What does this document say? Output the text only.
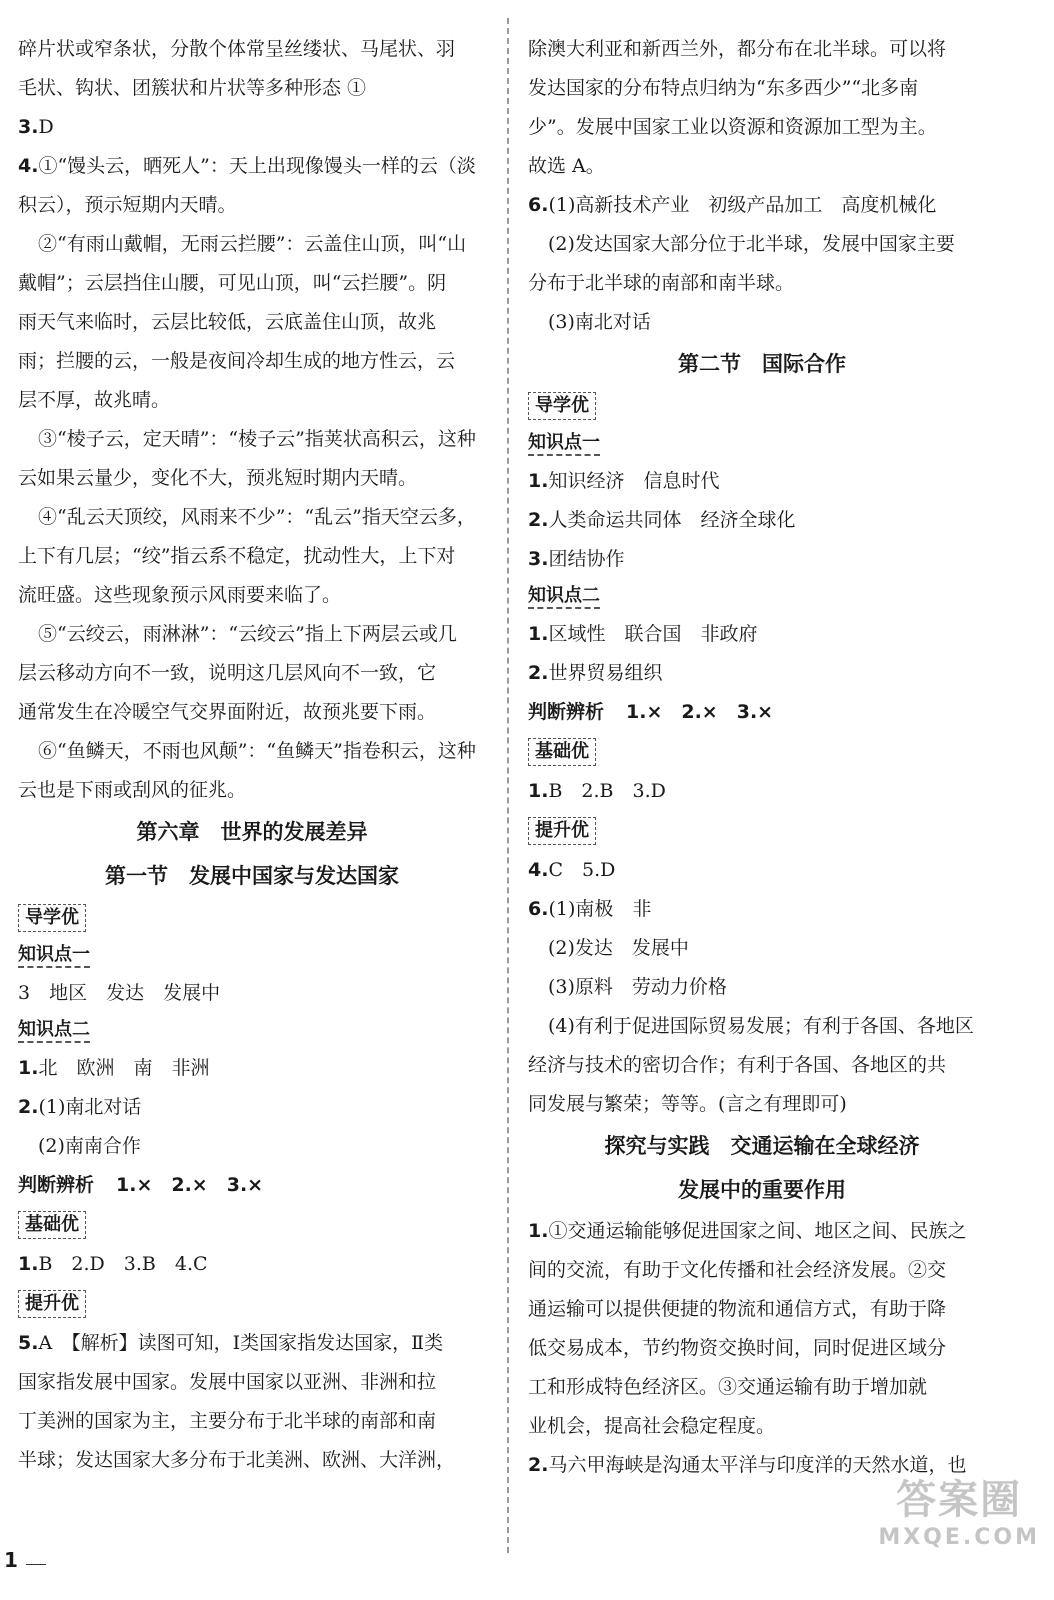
碎片状或窄条状，分散个体常呈丝缕状、马尾状、羽
毛状、钩状、团簇状和片状等多种形态 ①
3.D
4.①“馒头云，晒死人”：天上出现像馒头一样的云（淡
积云），预示短期内天晴。
②“有雨山戴帽，无雨云拦腰”：云盖住山顶，叫“山
戴帽”；云层挡住山腰，可见山顶，叫“云拦腰”。阴
雨天气来临时，云层比较低，云底盖住山顶，故兆
雨；拦腰的云，一般是夜间冷却生成的地方性云，云
层不厚，故兆晴。
③“棱子云，定天晴”：“棱子云”指荚状高积云，这种
云如果云量少，变化不大，预兆短时期内天晴。
④“乱云天顶绞，风雨来不少”：“乱云”指天空云多，
上下有几层；“绞”指云系不稳定，扰动性大，上下对
流旺盛。这些现象预示风雨要来临了。
⑤“云绞云，雨淋淋”：“云绞云”指上下两层云或几
层云移动方向不一致，说明这几层风向不一致，它
通常发生在冷暖空气交界面附近，故预兆要下雨。
⑥“鱼鳞天，不雨也风颠”：“鱼鳞天”指卷积云，这种
云也是下雨或刮风的征兆。
第六章　世界的发展差异
第一节　发展中国家与发达国家
导学优
知识点一
3　地区　发达　发展中
知识点二
1.北　欧洲　南　非洲
2.(1)南北对话
(2)南南合作
判断辨析 1.×　2.×　3.×
基础优
1.B　2.D　3.B　4.C
提升优
5.A　【解析】读图可知，Ⅰ类国家指发达国家，Ⅱ类
国家指发展中国家。发展中国家以亚洲、非洲和拉
丁美洲的国家为主，主要分布于北半球的南部和南
半球；发达国家大多分布于北美洲、欧洲、大洋洲，
除澳大利亚和新西兰外，都分布在北半球。可以将
发达国家的分布特点归纳为“东多西少”“北多南
少”。发展中国家工业以资源和资源加工型为主。
故选 A。
6.(1)高新技术产业　初级产品加工　高度机械化
(2)发达国家大部分位于北半球，发展中国家主要
分布于北半球的南部和南半球。
(3)南北对话
第二节　国际合作
导学优
知识点一
1.知识经济　信息时代
2.人类命运共同体　经济全球化
3.团结协作
知识点二
1.区域性　联合国　非政府
2.世界贸易组织
判断辨析 1.×　2.×　3.×
基础优
1.B　2.B　3.D
提升优
4.C　5.D
6.(1)南极　非
(2)发达　发展中
(3)原料　劳动力价格
(4)有利于促进国际贸易发展；有利于各国、各地区
经济与技术的密切合作；有利于各国、各地区的共
同发展与繁荣；等等。(言之有理即可)
探究与实践　交通运输在全球经济
发展中的重要作用
1.①交通运输能够促进国家之间、地区之间、民族之
间的交流，有助于文化传播和社会经济发展。②交
通运输可以提供便捷的物流和通信方式，有助于降
低交易成本，节约物资交换时间，同时促进区域分
工和形成特色经济区。③交通运输有助于增加就
业机会，提高社会稳定程度。
2.马六甲海峡是沟通太平洋与印度洋的天然水道，也
1
答案圈
MXQE.COM
